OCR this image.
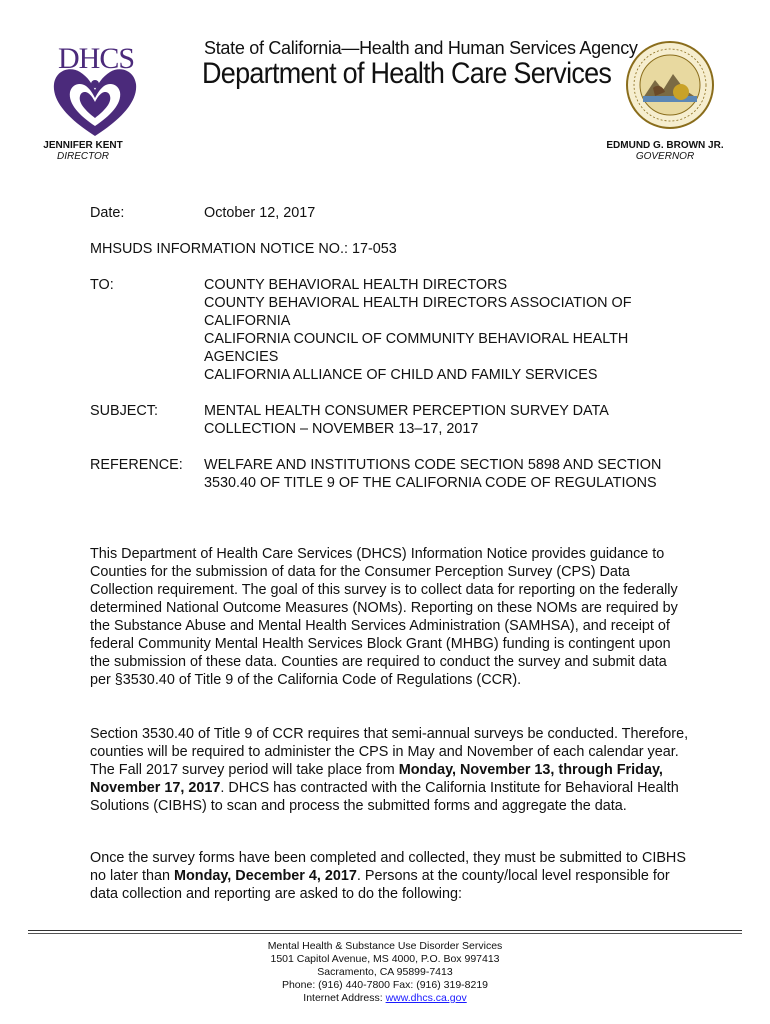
DHCS	State of California—Health and Human Services Agency
Department of Health Care Services
JENNIFER KENT
DIRECTOR
EDMUND G. BROWN JR.
GOVERNOR
Date:	October 12, 2017
MHSUDS INFORMATION NOTICE NO.: 17-053
TO:	COUNTY BEHAVIORAL HEALTH DIRECTORS
COUNTY BEHAVIORAL HEALTH DIRECTORS ASSOCIATION OF CALIFORNIA
CALIFORNIA COUNCIL OF COMMUNITY BEHAVIORAL HEALTH AGENCIES
CALIFORNIA ALLIANCE OF CHILD AND FAMILY SERVICES
SUBJECT:	MENTAL HEALTH CONSUMER PERCEPTION SURVEY DATA COLLECTION – NOVEMBER 13–17, 2017
REFERENCE: WELFARE AND INSTITUTIONS CODE SECTION 5898 AND SECTION 3530.40 OF TITLE 9 OF THE CALIFORNIA CODE OF REGULATIONS
This Department of Health Care Services (DHCS) Information Notice provides guidance to Counties for the submission of data for the Consumer Perception Survey (CPS) Data Collection requirement. The goal of this survey is to collect data for reporting on the federally determined National Outcome Measures (NOMs). Reporting on these NOMs are required by the Substance Abuse and Mental Health Services Administration (SAMHSA), and receipt of federal Community Mental Health Services Block Grant (MHBG) funding is contingent upon the submission of these data. Counties are required to conduct the survey and submit data per §3530.40 of Title 9 of the California Code of Regulations (CCR).
Section 3530.40 of Title 9 of CCR requires that semi-annual surveys be conducted. Therefore, counties will be required to administer the CPS in May and November of each calendar year. The Fall 2017 survey period will take place from Monday, November 13, through Friday, November 17, 2017. DHCS has contracted with the California Institute for Behavioral Health Solutions (CIBHS) to scan and process the submitted forms and aggregate the data.
Once the survey forms have been completed and collected, they must be submitted to CIBHS no later than Monday, December 4, 2017. Persons at the county/local level responsible for data collection and reporting are asked to do the following:
Mental Health & Substance Use Disorder Services
1501 Capitol Avenue, MS 4000, P.O. Box 997413
Sacramento, CA 95899-7413
Phone: (916) 440-7800 Fax: (916) 319-8219
Internet Address: www.dhcs.ca.gov
